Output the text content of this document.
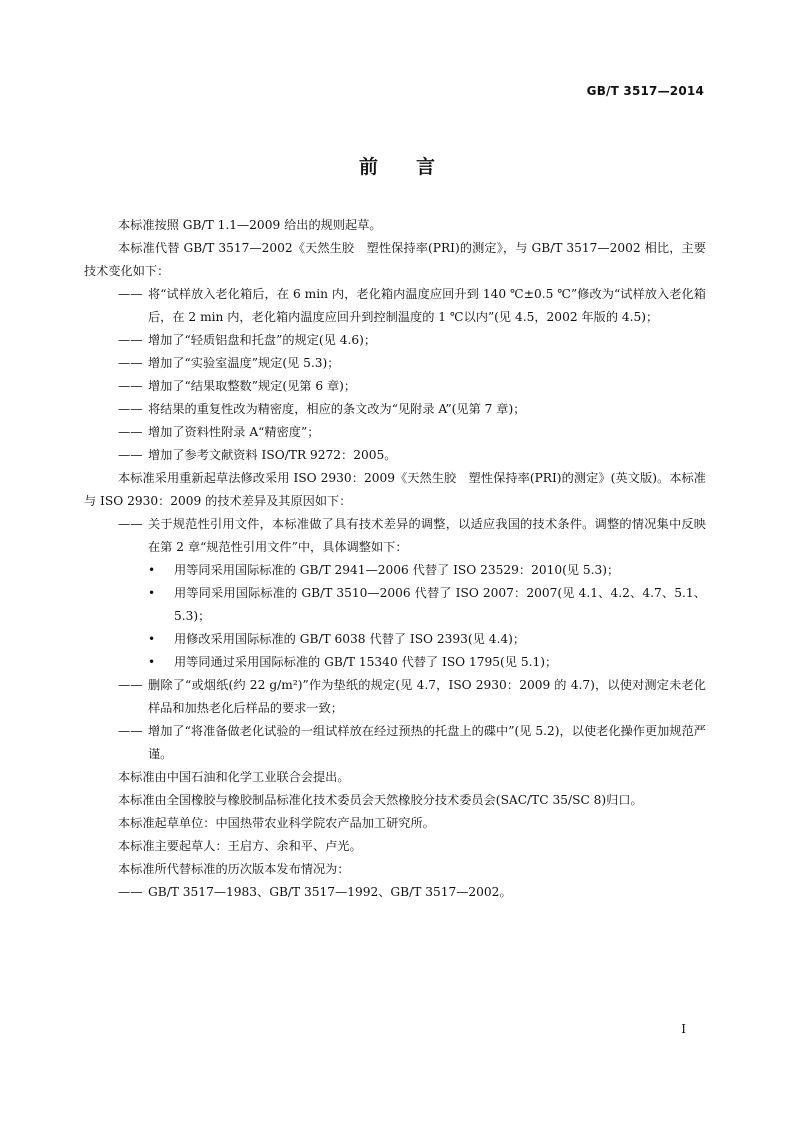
GB/T 3517—2014
前言

本标准按照 GB/T 1.1—2009 给出的规则起草。

本标准代替 GB/T 3517—2002《天然生胶　塑性保持率(PRI)的测定》，与 GB/T 3517—2002 相比，主要技术变化如下：

—— 将“试样放入老化箱后，在 6 min 内，老化箱内温度应回升到 140 ℃±0.5 ℃”修改为“试样放入老化箱后，在 2 min 内，老化箱内温度应回升到控制温度的 1 ℃以内”(见 4.5，2002 年版的 4.5)；
—— 增加了“轻质铝盘和托盘”的规定(见 4.6)；
—— 增加了“实验室温度”规定(见 5.3)；
—— 增加了“结果取整数”规定(见第 6 章)；
—— 将结果的重复性改为精密度，相应的条文改为“见附录 A”(见第 7 章)；
—— 增加了资料性附录 A“精密度”；
—— 增加了参考文献资料 ISO/TR 9272：2005。

本标准采用重新起草法修改采用 ISO 2930：2009《天然生胶　塑性保持率(PRI)的测定》(英文版)。本标准与 ISO 2930：2009 的技术差异及其原因如下：

—— 关于规范性引用文件，本标准做了具有技术差异的调整，以适应我国的技术条件。调整的情况集中反映在第 2 章“规范性引用文件”中，具体调整如下：
• 用等同采用国际标准的 GB/T 2941—2006 代替了 ISO 23529：2010(见 5.3)；
• 用等同采用国际标准的 GB/T 3510—2006 代替了 ISO 2007：2007(见 4.1、4.2、4.7、5.1、5.3)；
• 用修改采用国际标准的 GB/T 6038 代替了 ISO 2393(见 4.4)；
• 用等同通过采用国际标准的 GB/T 15340 代替了 ISO 1795(见 5.1)；
—— 删除了“或烟纸(约 22 g/m²)”作为垫纸的规定(见 4.7，ISO 2930：2009 的 4.7)，以使对测定未老化样品和加热老化后样品的要求一致；
—— 增加了“将准备做老化试验的一组试样放在经过预热的托盘上的碟中”(见 5.2)，以使老化操作更加规范严谨。

本标准由中国石油和化学工业联合会提出。

本标准由全国橡胶与橡胶制品标准化技术委员会天然橡胶分技术委员会(SAC/TC 35/SC 8)归口。

本标准起草单位：中国热带农业科学院农产品加工研究所。

本标准主要起草人：王启方、余和平、卢光。

本标准所代替标准的历次版本发布情况为：

—— GB/T 3517—1983、GB/T 3517—1992、GB/T 3517—2002。
I
